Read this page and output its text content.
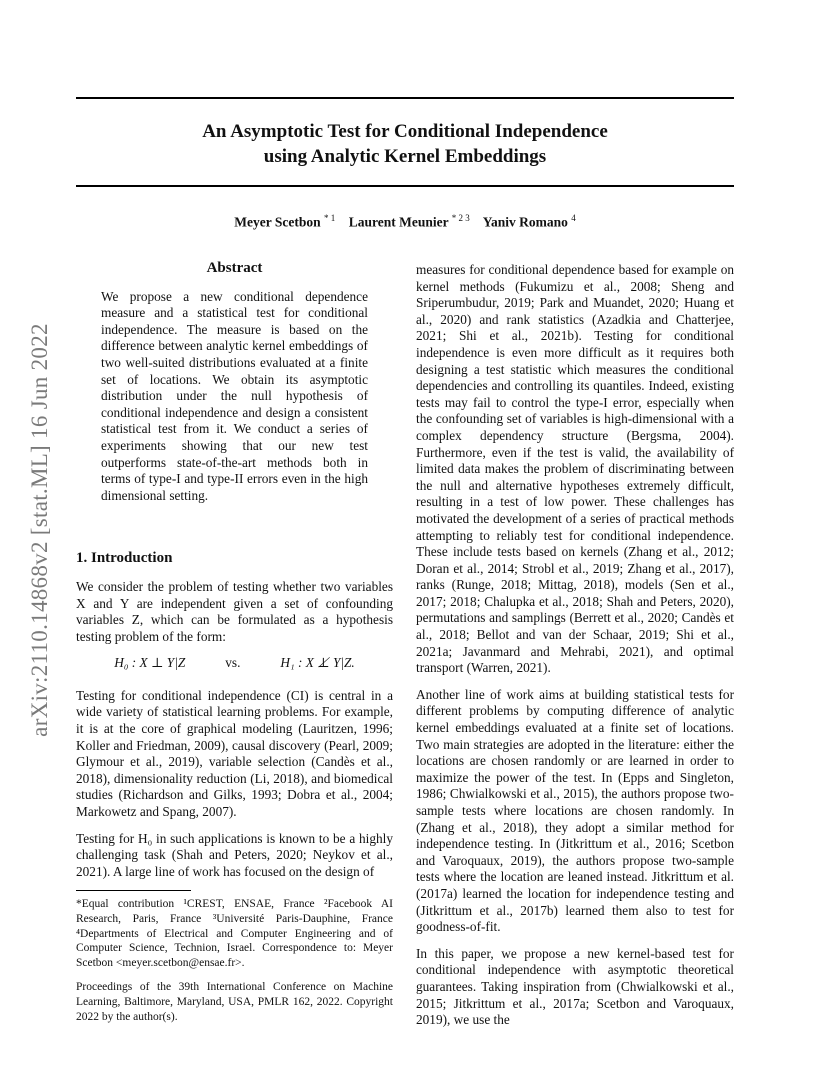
An Asymptotic Test for Conditional Independence
using Analytic Kernel Embeddings
Meyer Scetbon $^{* 1}$ Laurent Meunier $^{* 2 3}$ Yaniv Romano $^4$
arXiv:2110.14868v2 [stat.ML] 16 Jun 2022
Abstract

We propose a new conditional dependence measure and a statistical test for conditional independence. The measure is based on the difference between analytic kernel embeddings of two well-suited distributions evaluated at a finite set of locations. We obtain its asymptotic distribution under the null hypothesis of conditional independence and design a consistent statistical test from it. We conduct a series of experiments showing that our new test outperforms state-of-the-art methods both in terms of type-I and type-II errors even in the high dimensional setting.

1. Introduction

We consider the problem of testing whether two variables X and Y are independent given a set of confounding variables Z, which can be formulated as a hypothesis testing problem of the form:

H₀ : X ⊥ Y|Z	vs.	H₁ : X ⊥̸ Y|Z.

Testing for conditional independence (CI) is central in a wide variety of statistical learning problems. For example, it is at the core of graphical modeling (Lauritzen, 1996; Koller and Friedman, 2009), causal discovery (Pearl, 2009; Glymour et al., 2019), variable selection (Candès et al., 2018), dimensionality reduction (Li, 2018), and biomedical studies (Richardson and Gilks, 1993; Dobra et al., 2004; Markowetz and Spang, 2007).

Testing for H₀ in such applications is known to be a highly challenging task (Shah and Peters, 2020; Neykov et al., 2021). A large line of work has focused on the design of

*Equal contribution ¹CREST, ENSAE, France ²Facebook AI Research, Paris, France ³Université Paris-Dauphine, France ⁴Departments of Electrical and Computer Engineering and of Computer Science, Technion, Israel. Correspondence to: Meyer Scetbon <meyer.scetbon@ensae.fr>.

Proceedings of the 39th International Conference on Machine Learning, Baltimore, Maryland, USA, PMLR 162, 2022. Copyright 2022 by the author(s).

measures for conditional dependence based for example on kernel methods (Fukumizu et al., 2008; Sheng and Sriperumbudur, 2019; Park and Muandet, 2020; Huang et al., 2020) and rank statistics (Azadkia and Chatterjee, 2021; Shi et al., 2021b). Testing for conditional independence is even more difficult as it requires both designing a test statistic which measures the conditional dependencies and controlling its quantiles. Indeed, existing tests may fail to control the type-I error, especially when the confounding set of variables is high-dimensional with a complex dependency structure (Bergsma, 2004). Furthermore, even if the test is valid, the availability of limited data makes the problem of discriminating between the null and alternative hypotheses extremely difficult, resulting in a test of low power. These challenges has motivated the development of a series of practical methods attempting to reliably test for conditional independence. These include tests based on kernels (Zhang et al., 2012; Doran et al., 2014; Strobl et al., 2019; Zhang et al., 2017), ranks (Runge, 2018; Mittag, 2018), models (Sen et al., 2017; 2018; Chalupka et al., 2018; Shah and Peters, 2020), permutations and samplings (Berrett et al., 2020; Candès et al., 2018; Bellot and van der Schaar, 2019; Shi et al., 2021a; Javanmard and Mehrabi, 2021), and optimal transport (Warren, 2021).

Another line of work aims at building statistical tests for different problems by computing difference of analytic kernel embeddings evaluated at a finite set of locations. Two main strategies are adopted in the literature: either the locations are chosen randomly or are learned in order to maximize the power of the test. In (Epps and Singleton, 1986; Chwialkowski et al., 2015), the authors propose two-sample tests where locations are chosen randomly. In (Zhang et al., 2018), they adopt a similar method for independence testing. In (Jitkrittum et al., 2016; Scetbon and Varoquaux, 2019), the authors propose two-sample tests where the location are leaned instead. Jitkrittum et al. (2017a) learned the location for independence testing and (Jitkrittum et al., 2017b) learned them also to test for goodness-of-fit.

In this paper, we propose a new kernel-based test for conditional independence with asymptotic theoretical guarantees. Taking inspiration from (Chwialkowski et al., 2015; Jitkrittum et al., 2017a; Scetbon and Varoquaux, 2019), we use the
